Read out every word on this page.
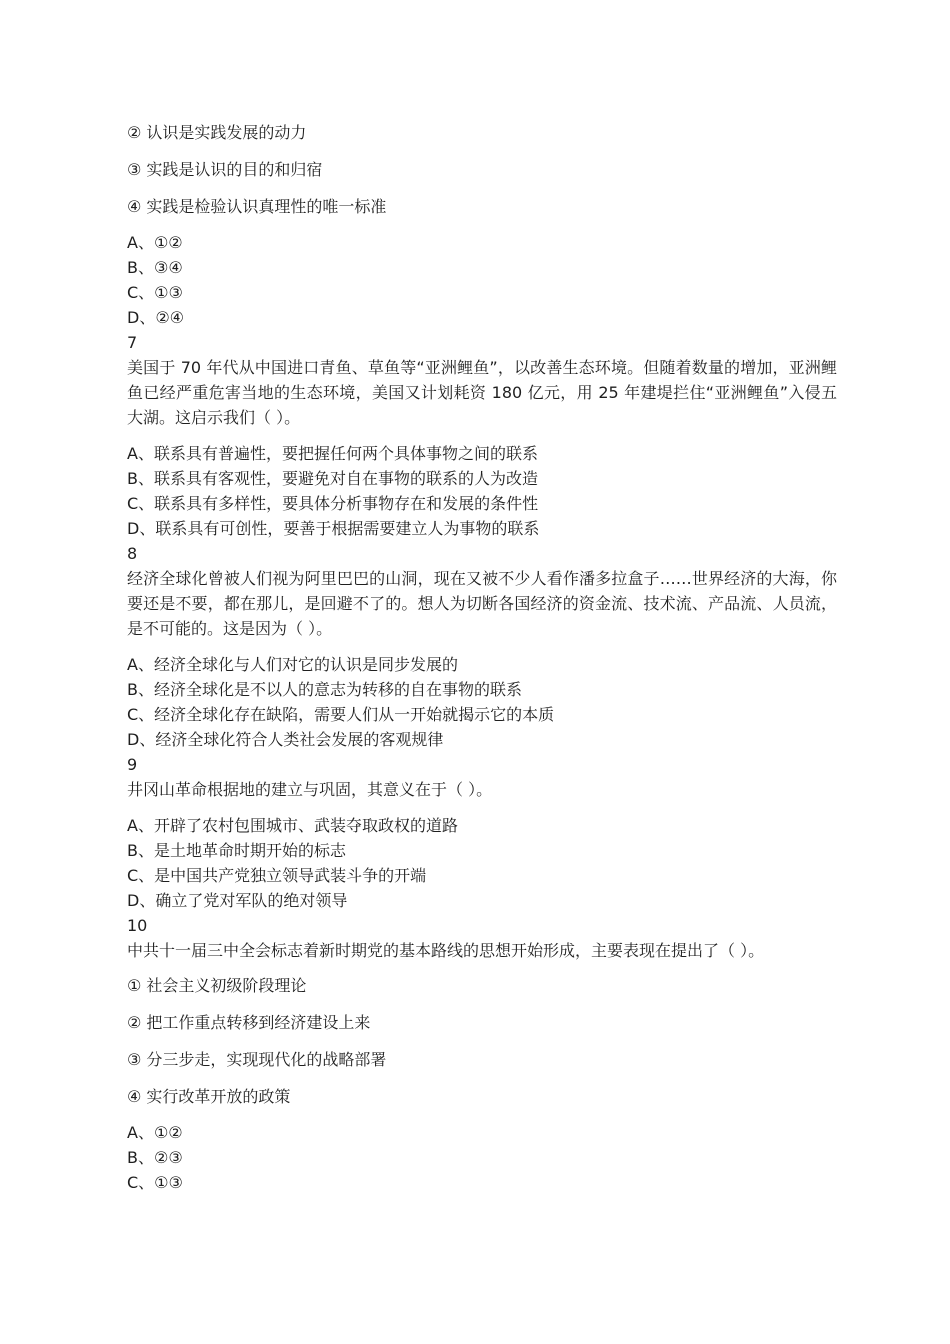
② 认识是实践发展的动力
③ 实践是认识的目的和归宿
④ 实践是检验认识真理性的唯一标准
A、①②
B、③④
C、①③
D、②④
7
美国于 70 年代从中国进口青鱼、草鱼等“亚洲鲤鱼”，以改善生态环境。但随着数量的增加，亚洲鲤鱼已经严重危害当地的生态环境，美国又计划耗资 180 亿元，用 25 年建堤拦住“亚洲鲤鱼”入侵五大湖。这启示我们（ ）。
A、联系具有普遍性，要把握任何两个具体事物之间的联系
B、联系具有客观性，要避免对自在事物的联系的人为改造
C、联系具有多样性，要具体分析事物存在和发展的条件性
D、联系具有可创性，要善于根据需要建立人为事物的联系
8
经济全球化曾被人们视为阿里巴巴的山洞，现在又被不少人看作潘多拉盒子……世界经济的大海，你要还是不要，都在那儿，是回避不了的。想人为切断各国经济的资金流、技术流、产品流、人员流，是不可能的。这是因为（ ）。
A、经济全球化与人们对它的认识是同步发展的
B、经济全球化是不以人的意志为转移的自在事物的联系
C、经济全球化存在缺陷，需要人们从一开始就揭示它的本质
D、经济全球化符合人类社会发展的客观规律
9
井冈山革命根据地的建立与巩固，其意义在于（ ）。
A、开辟了农村包围城市、武装夺取政权的道路
B、是土地革命时期开始的标志
C、是中国共产党独立领导武装斗争的开端
D、确立了党对军队的绝对领导
10
中共十一届三中全会标志着新时期党的基本路线的思想开始形成，主要表现在提出了（ ）。
① 社会主义初级阶段理论
② 把工作重点转移到经济建设上来
③ 分三步走，实现现代化的战略部署
④ 实行改革开放的政策
A、①②
B、②③
C、①③
